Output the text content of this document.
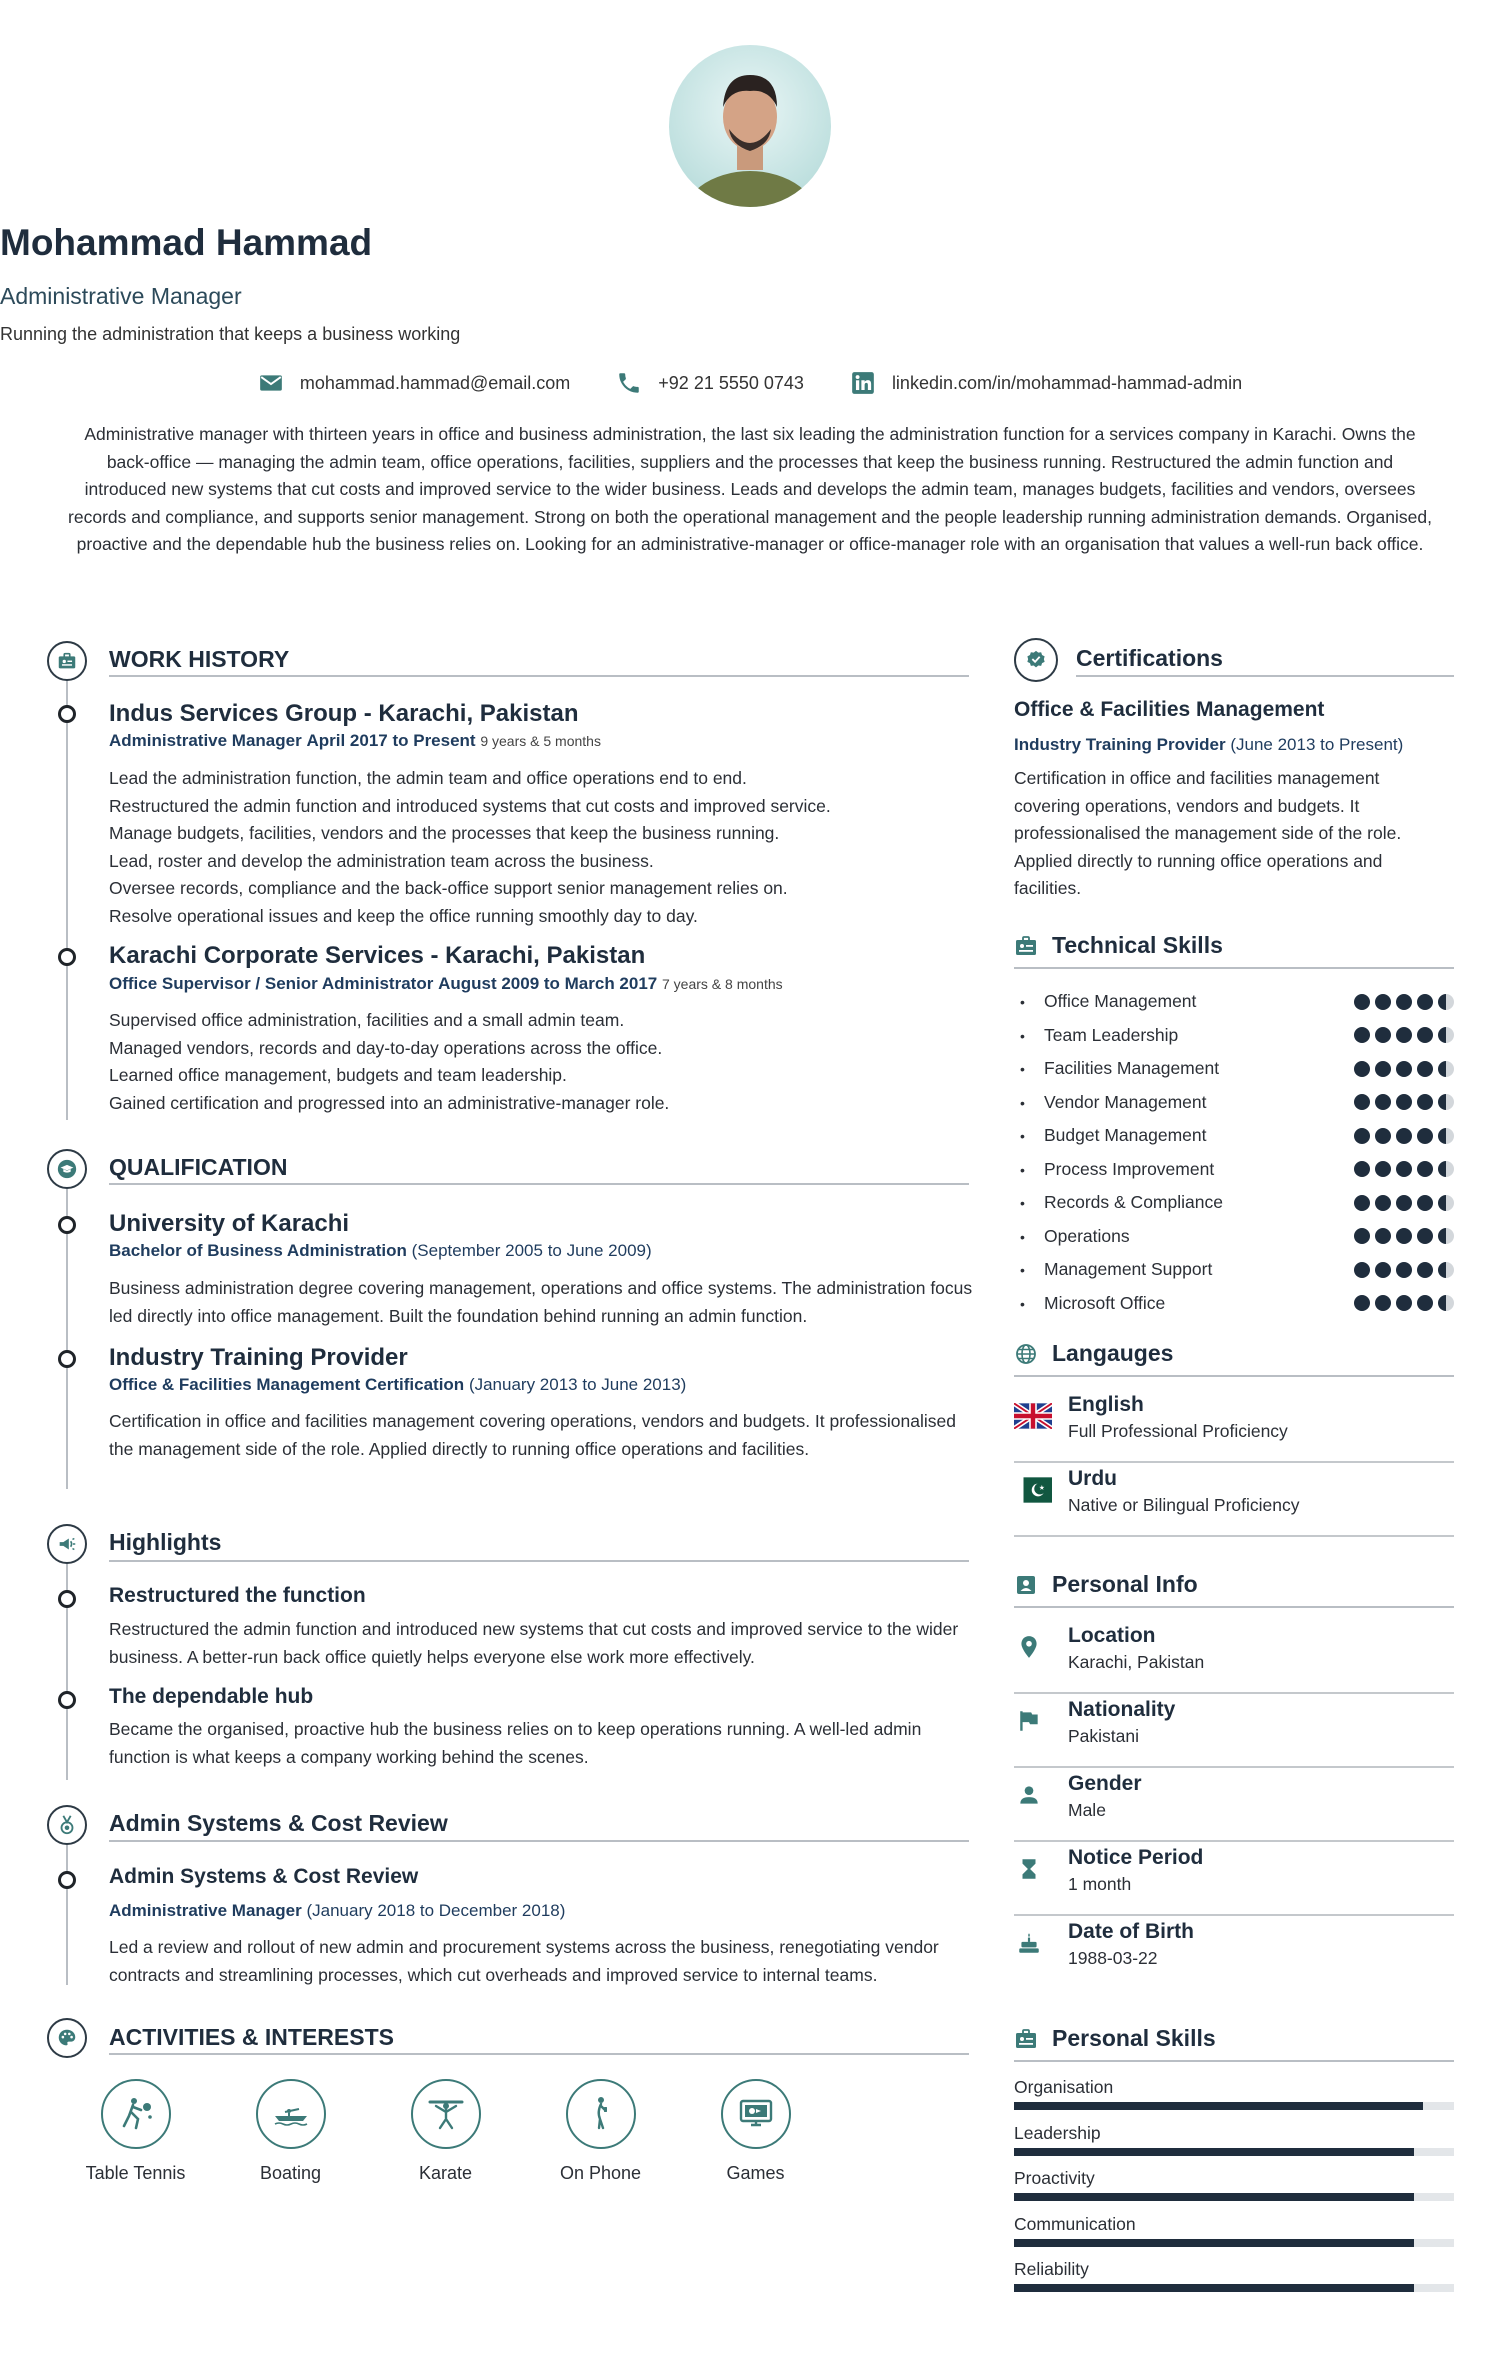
Mohammad Hammad
Administrative Manager
Running the administration that keeps a business working
mohammad.hammad@email.com	+92 21 5550 0743	linkedin.com/in/mohammad-hammad-admin
Administrative manager with thirteen years in office and business administration, the last six leading the administration function for a services company in Karachi. Owns the back-office — managing the admin team, office operations, facilities, suppliers and the processes that keep the business running. Restructured the admin function and introduced new systems that cut costs and improved service to the wider business. Leads and develops the admin team, manages budgets, facilities and vendors, oversees records and compliance, and supports senior management. Strong on both the operational management and the people leadership running administration demands. Organised, proactive and the dependable hub the business relies on. Looking for an administrative-manager or office-manager role with an organisation that values a well-run back office.
WORK HISTORY
Indus Services Group - Karachi, Pakistan
Administrative Manager April 2017 to Present 9 years & 5 months
Lead the administration function, the admin team and office operations end to end.
Restructured the admin function and introduced systems that cut costs and improved service.
Manage budgets, facilities, vendors and the processes that keep the business running.
Lead, roster and develop the administration team across the business.
Oversee records, compliance and the back-office support senior management relies on.
Resolve operational issues and keep the office running smoothly day to day.
Karachi Corporate Services - Karachi, Pakistan
Office Supervisor / Senior Administrator August 2009 to March 2017 7 years & 8 months
Supervised office administration, facilities and a small admin team.
Managed vendors, records and day-to-day operations across the office.
Learned office management, budgets and team leadership.
Gained certification and progressed into an administrative-manager role.
QUALIFICATION
University of Karachi
Bachelor of Business Administration (September 2005 to June 2009)
Business administration degree covering management, operations and office systems. The administration focus led directly into office management. Built the foundation behind running an admin function.
Industry Training Provider
Office & Facilities Management Certification (January 2013 to June 2013)
Certification in office and facilities management covering operations, vendors and budgets. It professionalised the management side of the role. Applied directly to running office operations and facilities.
Highlights
Restructured the function
Restructured the admin function and introduced new systems that cut costs and improved service to the wider business. A better-run back office quietly helps everyone else work more effectively.
The dependable hub
Became the organised, proactive hub the business relies on to keep operations running. A well-led admin function is what keeps a company working behind the scenes.
Admin Systems & Cost Review
Admin Systems & Cost Review
Administrative Manager (January 2018 to December 2018)
Led a review and rollout of new admin and procurement systems across the business, renegotiating vendor contracts and streamlining processes, which cut overheads and improved service to internal teams.
ACTIVITIES & INTERESTS
Table Tennis	Boating	Karate	On Phone	Games
Certifications
Office & Facilities Management
Industry Training Provider (June 2013 to Present)
Certification in office and facilities management covering operations, vendors and budgets. It professionalised the management side of the role. Applied directly to running office operations and facilities.
Technical Skills
• Office Management
• Team Leadership
• Facilities Management
• Vendor Management
• Budget Management
• Process Improvement
• Records & Compliance
• Operations
• Management Support
• Microsoft Office
Langauges
English
Full Professional Proficiency
Urdu
Native or Bilingual Proficiency
Personal Info
Location
Karachi, Pakistan
Nationality
Pakistani
Gender
Male
Notice Period
1 month
Date of Birth
1988-03-22
Personal Skills
Organisation
Leadership
Proactivity
Communication
Reliability
